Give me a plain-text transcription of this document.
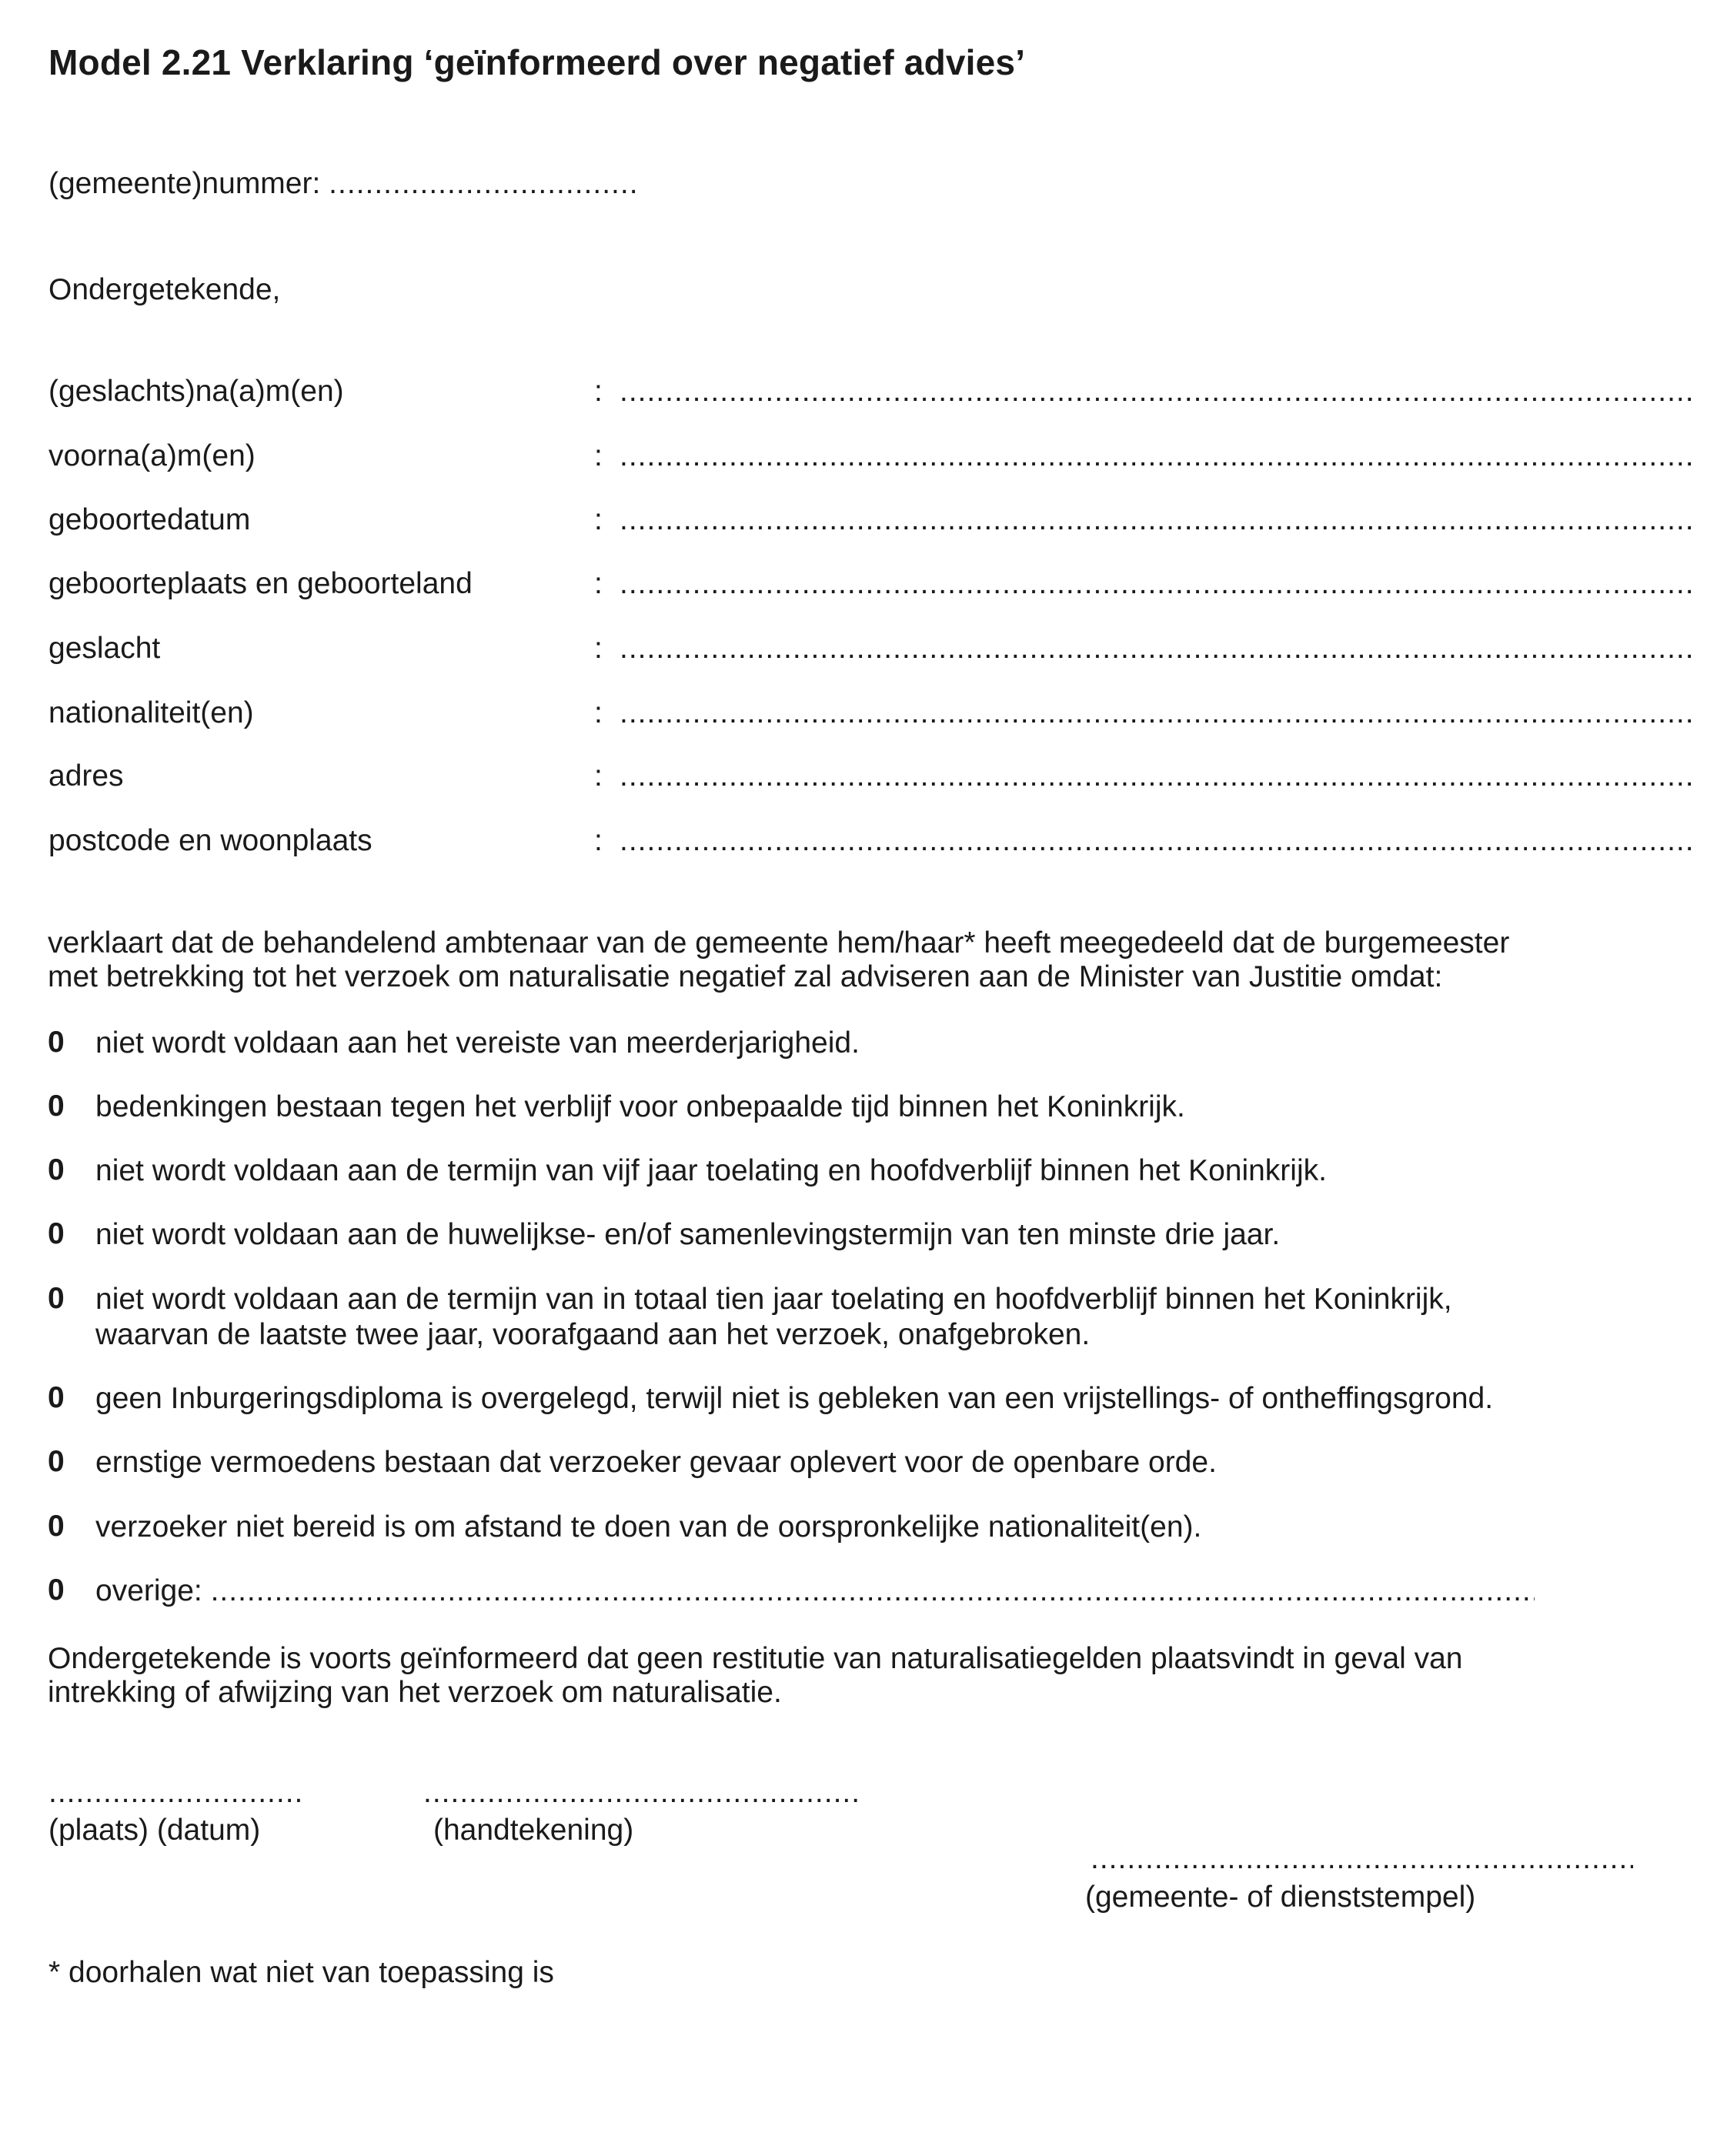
Model 2.21 Verklaring ‘geïnformeerd over negatief advies’
(gemeente)nummer: .....
Ondergetekende,
(geslachts)na(a)m(en)	:
.....
voorna(a)m(en)	:
.....
geboortedatum	:
.....
geboorteplaats en geboorteland	:
.....
geslacht	:
.....
nationaliteit(en)	:
.....
adres	:
.....
postcode en woonplaats	:
.....
verklaart dat de behandelend ambtenaar van de gemeente hem/haar* heeft meegedeeld dat de burgemeester
met betrekking tot het verzoek om naturalisatie negatief zal adviseren aan de Minister van Justitie omdat:
0 niet wordt voldaan aan het vereiste van meerderjarigheid.
0 bedenkingen bestaan tegen het verblijf voor onbepaalde tijd binnen het Koninkrijk.
0 niet wordt voldaan aan de termijn van vijf jaar toelating en hoofdverblijf binnen het Koninkrijk.
0 niet wordt voldaan aan de huwelijkse- en/of samenlevingstermijn van ten minste drie jaar.
0 niet wordt voldaan aan de termijn van in totaal tien jaar toelating en hoofdverblijf binnen het Koninkrijk,
waarvan de laatste twee jaar, voorafgaand aan het verzoek, onafgebroken.
0 geen Inburgeringsdiploma is overgelegd, terwijl niet is gebleken van een vrijstellings- of ontheffingsgrond.
0 ernstige vermoedens bestaan dat verzoeker gevaar oplevert voor de openbare orde.
0 verzoeker niet bereid is om afstand te doen van de oorspronkelijke nationaliteit(en).
0 overige: .....
Ondergetekende is voorts geïnformeerd dat geen restitutie van naturalisatiegelden plaatsvindt in geval van
intrekking of afwijzing van het verzoek om naturalisatie.
.....
(plaats) (datum)
.....	(handtekening)
.....
(gemeente- of dienststempel)
* doorhalen wat niet van toepassing is
